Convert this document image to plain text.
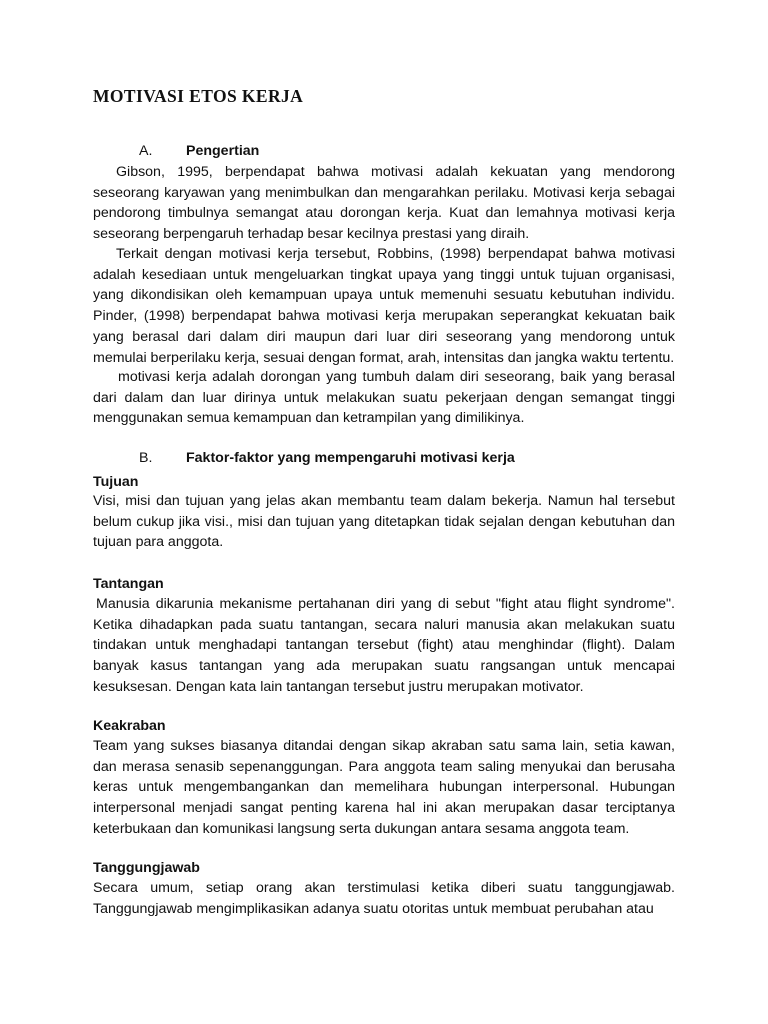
MOTIVASI ETOS KERJA
A. Pengertian

Gibson, 1995, berpendapat bahwa motivasi adalah kekuatan yang mendorong seseorang karyawan yang menimbulkan dan mengarahkan perilaku. Motivasi kerja sebagai pendorong timbulnya semangat atau dorongan kerja. Kuat dan lemahnya motivasi kerja seseorang berpengaruh terhadap besar kecilnya prestasi yang diraih.

Terkait dengan motivasi kerja tersebut, Robbins, (1998) berpendapat bahwa motivasi adalah kesediaan untuk mengeluarkan tingkat upaya yang tinggi untuk tujuan organisasi, yang dikondisikan oleh kemampuan upaya untuk memenuhi sesuatu kebutuhan individu. Pinder, (1998) berpendapat bahwa motivasi kerja merupakan seperangkat kekuatan baik yang berasal dari dalam diri maupun dari luar diri seseorang yang mendorong untuk memulai berperilaku kerja, sesuai dengan format, arah, intensitas dan jangka waktu tertentu.

motivasi kerja adalah dorongan yang tumbuh dalam diri seseorang, baik yang berasal dari dalam dan luar dirinya untuk melakukan suatu pekerjaan dengan semangat tinggi menggunakan semua kemampuan dan ketrampilan yang dimilikinya.

B. Faktor-faktor yang mempengaruhi motivasi kerja
Tujuan

Visi, misi dan tujuan yang jelas akan membantu team dalam bekerja. Namun hal tersebut belum cukup jika visi., misi dan tujuan yang ditetapkan tidak sejalan dengan kebutuhan dan tujuan para anggota.

Tantangan

Manusia dikarunia mekanisme pertahanan diri yang di sebut "fight atau flight syndrome". Ketika dihadapkan pada suatu tantangan, secara naluri manusia akan melakukan suatu tindakan untuk menghadapi tantangan tersebut (fight) atau menghindar (flight). Dalam banyak kasus tantangan yang ada merupakan suatu rangsangan untuk mencapai kesuksesan. Dengan kata lain tantangan tersebut justru merupakan motivator.

Keakraban

Team yang sukses biasanya ditandai dengan sikap akraban satu sama lain, setia kawan, dan merasa senasib sepenanggungan. Para anggota team saling menyukai dan berusaha keras untuk mengembangankan dan memelihara hubungan interpersonal. Hubungan interpersonal menjadi sangat penting karena hal ini akan merupakan dasar terciptanya keterbukaan dan komunikasi langsung serta dukungan antara sesama anggota team.

Tanggungjawab

Secara umum, setiap orang akan terstimulasi ketika diberi suatu tanggungjawab. Tanggungjawab mengimplikasikan adanya suatu otoritas untuk membuat perubahan atau
